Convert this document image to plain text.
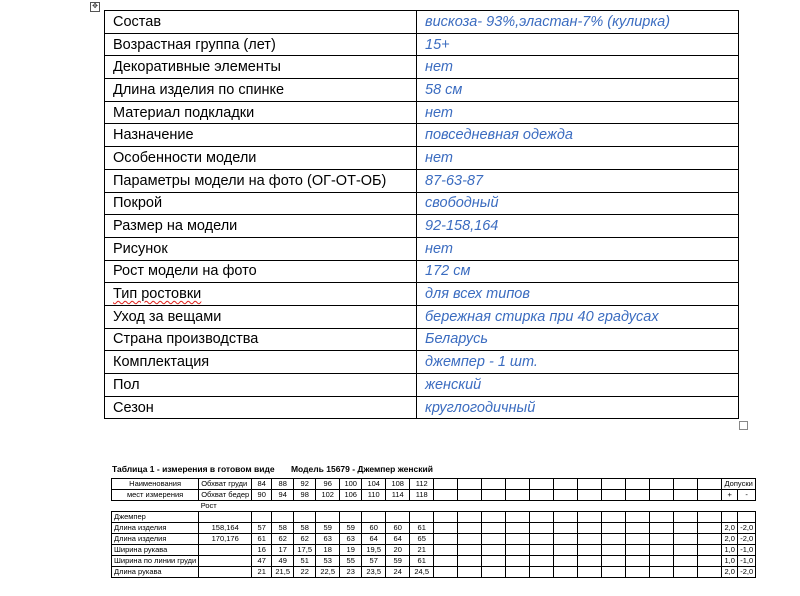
✥
Состав	вискоза- 93%,эластан-7% (кулирка)
Возрастная группа (лет)	15+
Декоративные элементы	нет
Длина изделия по спинке	58 см
Материал подкладки	нет
Назначение	повседневная одежда
Особенности модели	нет
Параметры модели на фото (ОГ-ОТ-ОБ)	87-63-87
Покрой	свободный
Размер на модели	92-158,164
Рисунок	нет
Рост модели на фото	172 см
Тип ростовки	для всех типов
Уход за вещами	бережная стирка при 40 градусах
Страна производства	Беларусь
Комплектация	джемпер - 1 шт.
Пол	женский
Сезон	круглогодичный
Таблица 1 - измерения в готовом виде Модель 15679 - Джемпер женский
Наименования	Обхват груди	84	88	92	96	100	104	108	112													Допуски	
мест измерения	Обхват бедер	90	94	98	102	106	110	114	118													+	-
	Рост																						
Джемпер																							
Длина изделия	158,164	57	58	58	59	59	60	60	61													2,0	-2,0
Длина изделия	170,176	61	62	62	63	63	64	64	65													2,0	-2,0
Ширина рукава		16	17	17,5	18	19	19,5	20	21													1,0	-1,0
Ширина по линии груди		47	49	51	53	55	57	59	61													1,0	-1,0
Длина рукава		21	21,5	22	22,5	23	23,5	24	24,5													2,0	-2,0
